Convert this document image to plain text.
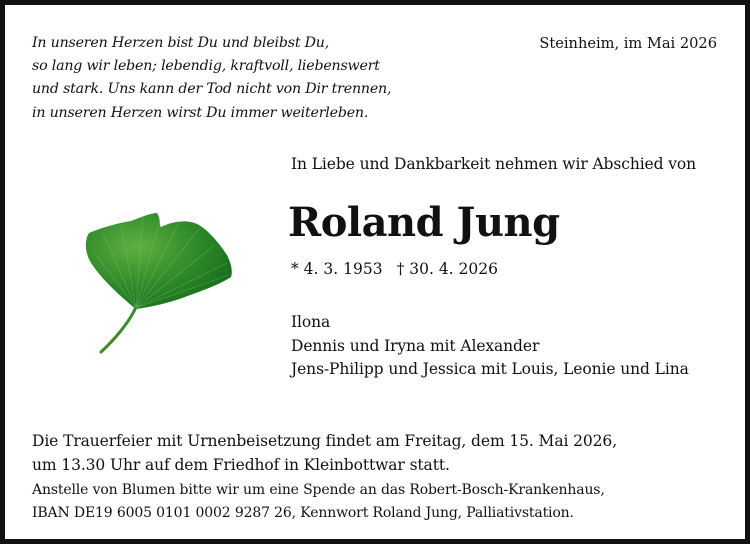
In unseren Herzen bist Du und bleibst Du,
so lang wir leben; lebendig, kraftvoll, liebenswert
und stark. Uns kann der Tod nicht von Dir trennen,
in unseren Herzen wirst Du immer weiterleben.
Steinheim, im Mai 2026
In Liebe und Dankbarkeit nehmen wir Abschied von
Roland Jung
* 4. 3. 1953 † 30. 4. 2026
Ilona
Dennis und Iryna mit Alexander
Jens-Philipp und Jessica mit Louis, Leonie und Lina
Die Trauerfeier mit Urnenbeisetzung findet am Freitag, dem 15. Mai 2026,
um 13.30 Uhr auf dem Friedhof in Kleinbottwar statt.
Anstelle von Blumen bitte wir um eine Spende an das Robert-Bosch-Krankenhaus,
IBAN DE19 6005 0101 0002 9287 26, Kennwort Roland Jung, Palliativstation.
